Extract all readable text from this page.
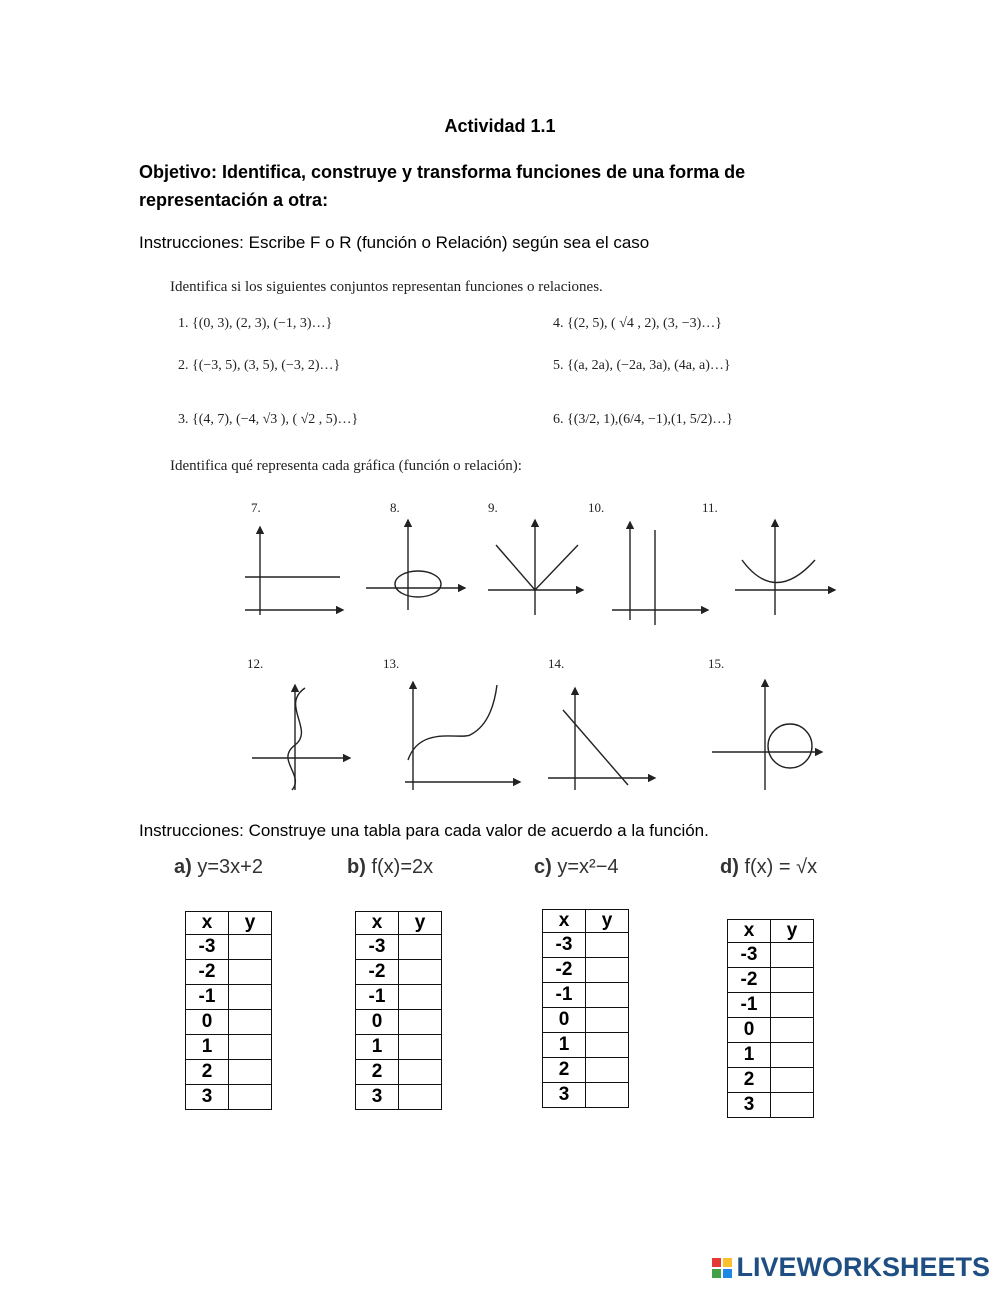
Actividad 1.1
Objetivo: Identifica, construye y transforma funciones de una forma de representación a otra:
Instrucciones: Escribe F o R (función o Relación) según sea el caso
Identifica si los siguientes conjuntos representan funciones o relaciones.
1. {(0, 3), (2, 3), (−1, 3)…}
2. {(−3, 5), (3, 5), (−3, 2)…}
3. {(4, 7), (−4, √3 ), ( √2 , 5)…}
4. {(2, 5), ( √4 , 2), (3, −3)…}
5. {(a, 2a), (−2a, 3a), (4a, a)…}
6. {(3/2, 1),(6/4, −1),(1, 5/2)…}
Identifica qué representa cada gráfica (función o relación):
7.	8.	9.	10.	11.
12.	13.	14.	15.
Instrucciones: Construye una tabla para cada valor de acuerdo a la función.
a) y=3x+2	b) f(x)=2x	c) y=x²−4	d) f(x) = √x
x	y
-3	
-2	
-1	
0	
1	
2	
3	
x	y
-3	
-2	
-1	
0	
1	
2	
3	
x	y
-3	
-2	
-1	
0	
1	
2	
3	
x	y
-3	
-2	
-1	
0	
1	
2	
3	
LIVEWORKSHEETS
